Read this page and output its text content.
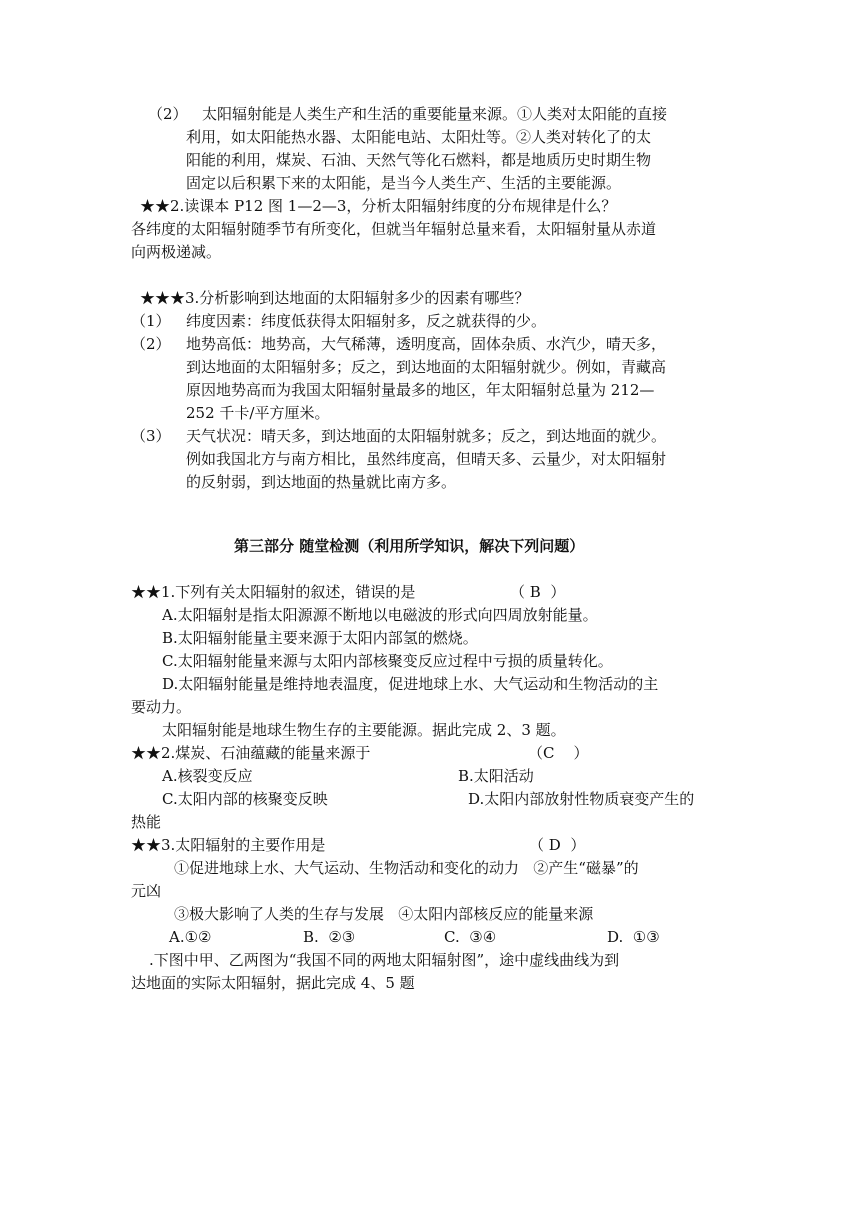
（2） 太阳辐射能是人类生产和生活的重要能量来源。①人类对太阳能的直接
利用，如太阳能热水器、太阳能电站、太阳灶等。②人类对转化了的太
阳能的利用，煤炭、石油、天然气等化石燃料，都是地质历史时期生物
固定以后积累下来的太阳能，是当今人类生产、生活的主要能源。
★★2.读课本 P12 图 1—2—3，分析太阳辐射纬度的分布规律是什么？
各纬度的太阳辐射随季节有所变化，但就当年辐射总量来看，太阳辐射量从赤道
向两极递减。
★★★3.分析影响到达地面的太阳辐射多少的因素有哪些？
（1） 纬度因素：纬度低获得太阳辐射多，反之就获得的少。
（2） 地势高低：地势高，大气稀薄，透明度高，固体杂质、水汽少，晴天多，
到达地面的太阳辐射多；反之，到达地面的太阳辐射就少。例如，青藏高
原因地势高而为我国太阳辐射量最多的地区，年太阳辐射总量为 212—
252 千卡/平方厘米。
（3） 天气状况：晴天多，到达地面的太阳辐射就多；反之，到达地面的就少。
例如我国北方与南方相比，虽然纬度高，但晴天多、云量少，对太阳辐射
的反射弱，到达地面的热量就比南方多。
第三部分 随堂检测（利用所学知识，解决下列问题）
★★1.下列有关太阳辐射的叙述，错误的是	（ B  ）
A.太阳辐射是指太阳源源不断地以电磁波的形式向四周放射能量。
B.太阳辐射能量主要来源于太阳内部氢的燃烧。
C.太阳辐射能量来源与太阳内部核聚变反应过程中亏损的质量转化。
D.太阳辐射能量是维持地表温度，促进地球上水、大气运动和生物活动的主
要动力。
太阳辐射能是地球生物生存的主要能源。据此完成 2、3 题。
★★2.煤炭、石油蕴藏的能量来源于	（C    ）
A.核裂变反应	B.太阳活动
C.太阳内部的核聚变反映	D.太阳内部放射性物质衰变产生的
热能
★★3.太阳辐射的主要作用是	（ D  ）
①促进地球上水、大气运动、生物活动和变化的动力   ②产生“磁暴”的
元凶
③极大影响了人类的生存与发展   ④太阳内部核反应的能量来源
A.①②	B.  ②③	C.  ③④	D.  ①③
.下图中甲、乙两图为“我国不同的两地太阳辐射图”，途中虚线曲线为到
达地面的实际太阳辐射，据此完成 4、5 题
